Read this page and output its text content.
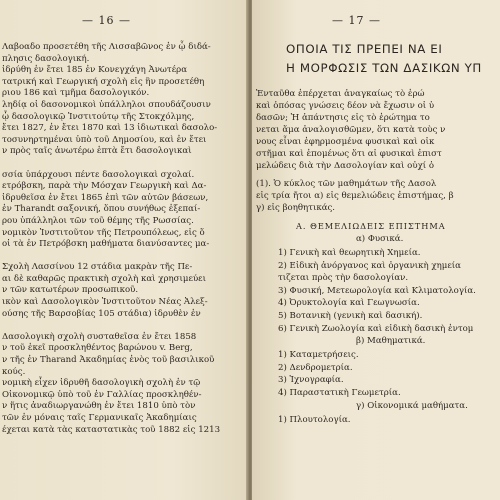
— 16 —
Λαβοαδο προσετέθη τῆς Λισσαβῶνος ἐν ᾧ διδά-
πλησις δασολογική.
ἱδρύθη ἐν ἔτει 185 ἐν Κονεγχάγη Ἀνωτέρα
τατρική καὶ Γεωργική σχολὴ εἰς ἣν προσετέθη
ριου 186 καὶ τμῆμα δασολογικόν.
ληδίᾳ οἱ δασονομικοὶ ὑπάλληλοι σπουδάζουσιν
ᾧ δασολογικῷ Ἰνστιτούτῳ τῆς Στοκχόλμης,
ἔτει 1827, ἐν ἔτει 1870 καὶ 13 ἰδιωτικαὶ δασολο-
τοσυνηρτημέναι ὑπὸ τοῦ Δημοσίου, καὶ ἐν ἔτει
ν πρὸς ταῖς ἀνωτέρω ἑπτὰ ἔτι δασολογικαὶ
σσία ὑπάρχουσι πέντε δασολογικαὶ σχολαί.
ετρόβσκη, παρὰ τὴν Μόσχαν Γεωργικὴ καὶ Δα-
ἱδρυθεῖσα ἐν ἔτει 1865 ἐπὶ τῶν αὐτῶν βάσεων,
ἐν Tharandt σαξονική, ὅπου συνήθως ἐξεπαί-
ρου ὑπάλληλοι τῶν τοῦ θέμης τῆς Ρωσσίας.
νομικὸν Ἰνστιτοῦτον τῆς Πετρουπόλεως, εἰς ὅ
οἱ τὰ ἐν Πετρόβσκη μαθήματα διανύσαντες μα-
Σχολὴ Λασσίνου 12 στάδια μακρὰν τῆς Πε-
αι δὲ καθαρῶς πρακτικὴ σχολὴ καὶ χρησιμεύει
ν τῶν κατωτέρων προσωπικοῦ.
ικὸν καὶ Δασολογικὸν Ἰνστιτοῦτον Νέας Ἀλεξ-
ούσης τῆς Βαρσοβίας 105 στάδια) ἱδρυθὲν ἐν
Δασολογικὴ σχολὴ συσταθεῖσα ἐν ἔτει 1858
ν τοῦ ἐκεῖ προσκληθέντος βαρώνου v. Berg,
ν τῆς ἐν Tharand Ἀκαδημίας ἑνὸς τοῦ βασιλικοῦ
κούς.
νομικὴ εἶχεν ἱδρυθῆ δασολογικὴ σχολὴ ἐν τῷ
Οἰκονομικῷ ὑπὸ τοῦ ἐν Γαλλίας προσκληθέν-
ν ἥτις ἀναδιωργανώθη ἐν ἔτει 1810 ὑπὸ τὸν
τῶν ἐν μόναις ταῖς Γερμανικαῖς Ἀκαδημίαις
έχεται κατὰ τὰς καταστατικὰς τοῦ 1882 εἰς 1213
— 17 —
ΟΠΟΙΑ ΤΙΣ ΠΡΕΠΕΙ ΝΑ ΕΙ
Η ΜΟΡΦΩΣΙΣ ΤΩΝ ΔΑΣΙΚΩΝ ΥΠ
Ἐνταῦθα ἐπέρχεται ἀναγκαίως τὸ ἐρώ
καὶ ὁπόσας γνώσεις δέον νὰ ἔχωσιν οἱ ὑ
δασῶν; Ἡ ἀπάντησις εἰς τὸ ἐρώτημα το
νεται ἅμα ἀναλογισθῶμεν, ὅτι κατὰ τοὺς ν
νους εἶναι ἐφηρμοσμένα φυσικαὶ καὶ οἰκ
στῆμαι καὶ ἑπομένως ὅτι αἱ φυσικαὶ ἐπιστ
μελώδεις διὰ τὴν Δασολογίαν καὶ οὐχί ὁ
(1). Ὁ κύκλος τῶν μαθημάτων τῆς Δασολ
εἰς τρία ἤτοι α) εἰς θεμελιώδεις ἐπιστήμας, β
γ) εἰς βοηθητικάς.
Α. ΘΕΜΕΛΙΩΔΕΙΣ ΕΠΙΣΤΗΜΑ
α) Φυσικά.
1) Γενικὴ καὶ θεωρητικὴ Χημεία.
2) Εἰδικὴ ἀνόργανος καὶ ὀργανικὴ χημεία
τιζεται πρὸς τὴν δασολογίαν.
3) Φυσική, Μετεωρολογία καὶ Κλιματολογία.
4) Ὀρυκτολογία καὶ Γεωγνωσία.
5) Βοτανικὴ (γενικὴ καὶ δασική).
6) Γενικὴ Ζωολογία καὶ εἰδικὴ δασικὴ ἐντομ
β) Μαθηματικά.
1) Καταμετρήσεις.
2) Δενδρομετρία.
3) Ἰχνογραφία.
4) Παραστατικὴ Γεωμετρία.
γ) Οἰκονομικά μαθήματα.
1) Πλουτολογία.
